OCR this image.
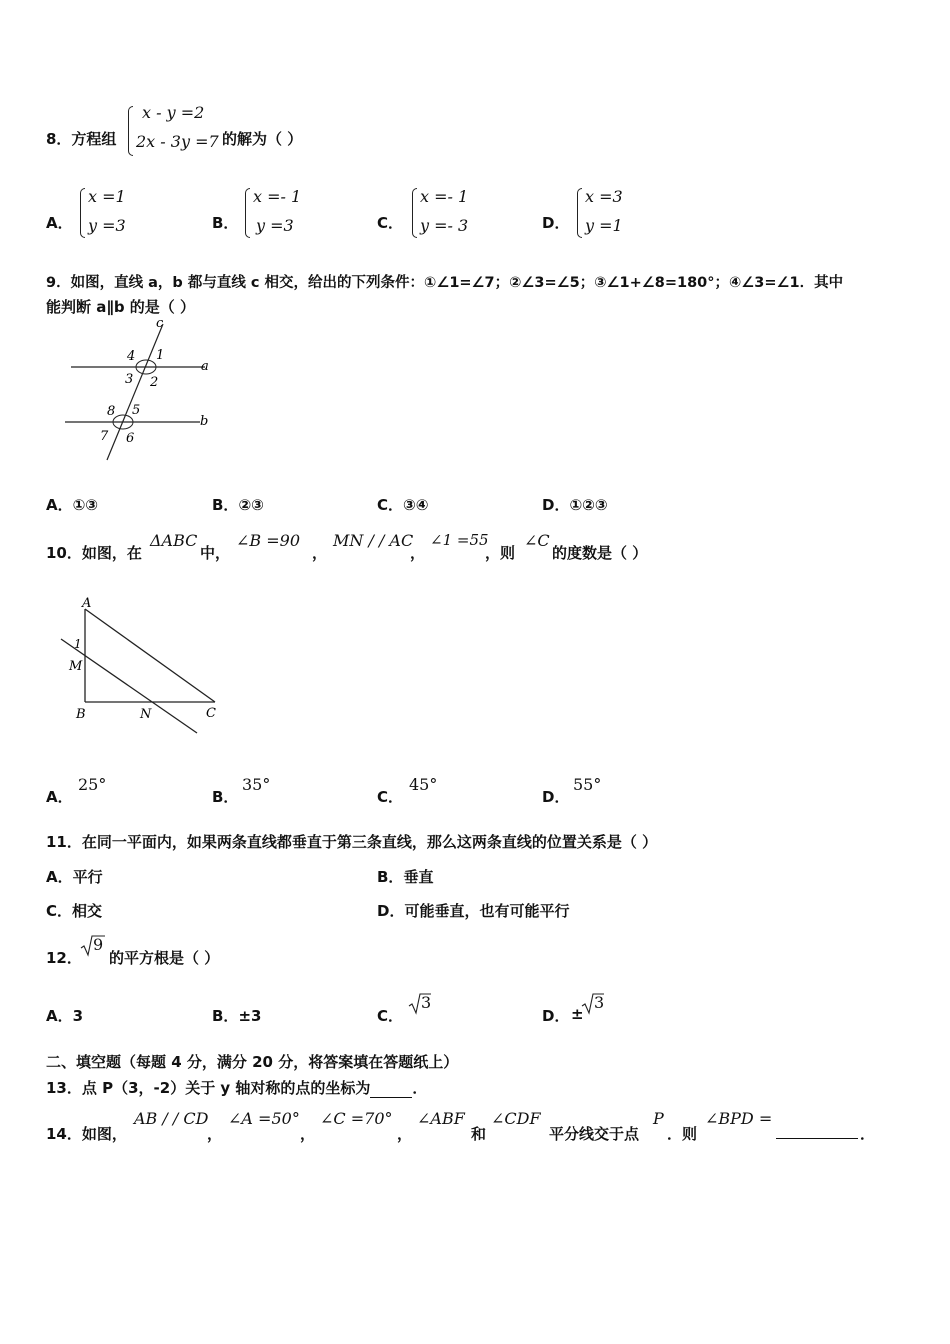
8．方程组
x - y =2
2x - 3y =7 的解为（ ）
A．
x =1
y =3	B．
x =- 1
y =3	C．
x =- 1
y =- 3	D．
x =3
y =1
9．如图，直线 a，b 都与直线 c 相交，给出的下列条件：①∠1=∠7；②∠3=∠5；③∠1+∠8=180°；④∠3=∠1．其中
能判断 a∥b 的是（ ）
c
a
b
4 1
3 2
8 5
7 6
A．①③	B．②③	C．③④	D．①②③
10．如图，在
ΔABC
中，
∠B =90
，
MN / / AC
，
∠1 =55
，则
∠C
的度数是（ ）
A
1
M
B	N	C
A．
25°
B．
35°
C．
45°
D．
55°
11．在同一平面内，如果两条直线都垂直于第三条直线，那么这两条直线的位置关系是（ ）
A．平行	B．垂直
C．相交	D．可能垂直，也有可能平行
12．
9
的平方根是（ ）
A．3	B．±3	C．
3
D． ±
3
二、填空题（每题 4 分，满分 20 分，将答案填在答题纸上）
13．点 P（3，-2）关于 y 轴对称的点的坐标为	．
14．如图，
AB / / CD
，
∠A =50°
，
∠C =70°
，
∠ABF
和
∠CDF
平分线交于点
P
．则
∠BPD =
．
